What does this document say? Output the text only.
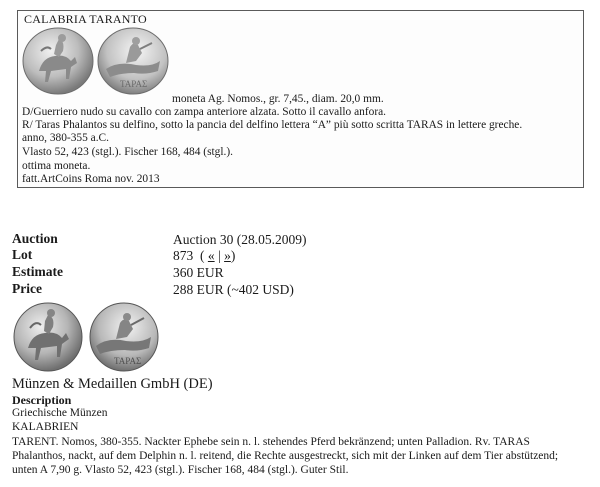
CALABRIA TARANTO
TAPAΣ
moneta Ag. Nomos., gr. 7,45., diam. 20,0 mm.
D/Guerriero nudo su cavallo con zampa anteriore alzata. Sotto il cavallo anfora.
R/ Taras Phalantos su delfino, sotto la pancia del delfino lettera “A” più sotto scritta TARAS in lettere greche.
anno, 380-355 a.C.
Vlasto 52, 423 (stgl.). Fischer 168, 484 (stgl.).
ottima moneta.
fatt.ArtCoins Roma nov. 2013
Auction	Auction 30 (28.05.2009)
Lot	873 ( « | »)
Estimate	360 EUR
Price	288 EUR (~402 USD)
TAPAΣ
Münzen & Medaillen GmbH (DE)
Description
Griechische Münzen
KALABRIEN
TARENT. Nomos, 380-355. Nackter Ephebe sein n. l. stehendes Pferd bekränzend; unten Palladion. Rv. TARAS
Phalanthos, nackt, auf dem Delphin n. l. reitend, die Rechte ausgestreckt, sich mit der Linken auf dem Tier abstützend;
unten A 7,90 g. Vlasto 52, 423 (stgl.). Fischer 168, 484 (stgl.). Guter Stil.
